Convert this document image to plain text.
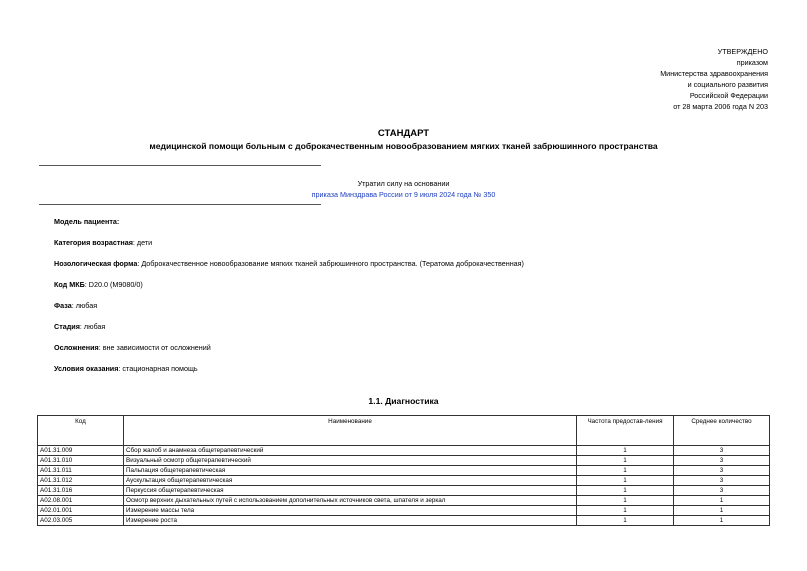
УТВЕРЖДЕНО
приказом
Министерства здравоохранения
и социального развития
Российской Федерации
от 28 марта 2006 года N 203
СТАНДАРТ
медицинской помощи больным с доброкачественным новообразованием мягких тканей забрюшинного пространства
Утратил силу на основании
приказа Минздрава России от 9 июля 2024 года № 350
Модель пациента:
Категория возрастная: дети
Нозологическая форма: Доброкачественное новообразование мягких тканей забрюшинного пространства. (Тератома доброкачественная)
Код МКБ: D20.0 (M9080/0)
Фаза: любая
Стадия: любая
Осложнения: вне зависимости от осложнений
Условия оказания: стационарная помощь
1.1. Диагностика
Код	Наименование	Частота предостав-ления	Среднее количество
A01.31.009	Сбор жалоб и анамнеза общетерапевтический	1	3
A01.31.010	Визуальный осмотр общетерапевтический	1	3
A01.31.011	Пальпация общетерапевтическая	1	3
A01.31.012	Аускультация общетерапевтическая	1	3
A01.31.016	Перкуссия общетерапевтическая	1	3
A02.08.001	Осмотр верхних дыхательных путей с использованием дополнительных источников света, шпателя и зеркал	1	1
A02.01.001	Измерение массы тела	1	1
A02.03.005	Измерение роста	1	1
